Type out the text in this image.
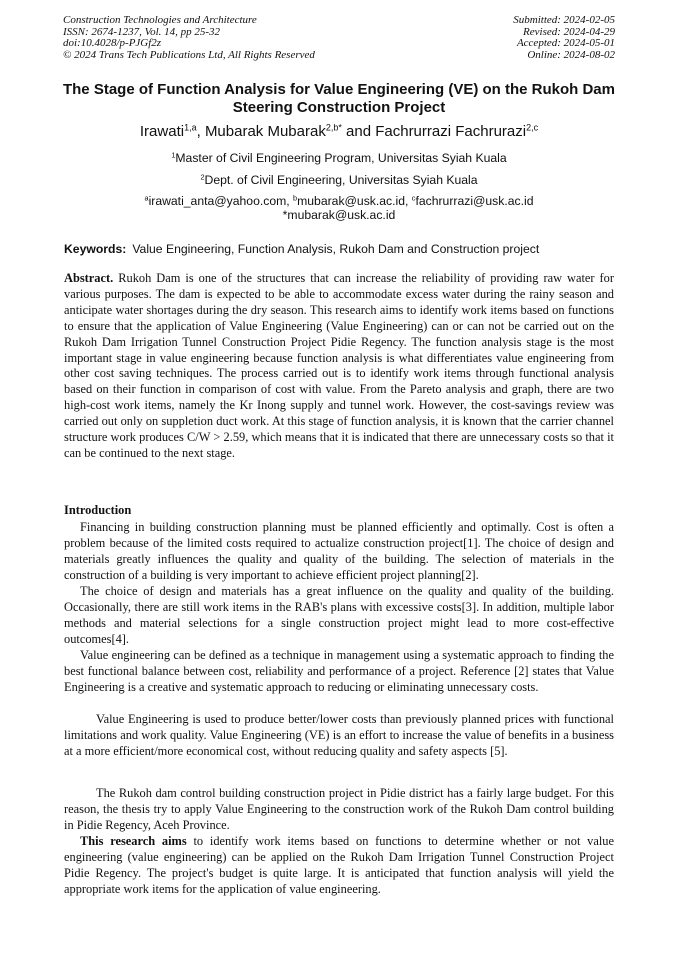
Construction Technologies and Architecture
ISSN: 2674-1237, Vol. 14, pp 25-32
doi:10.4028/p-PJGf2z
© 2024 Trans Tech Publications Ltd, All Rights Reserved
Submitted: 2024-02-05
Revised: 2024-04-29
Accepted: 2024-05-01
Online: 2024-08-02
The Stage of Function Analysis for Value Engineering (VE) on the Rukoh Dam Steering Construction Project
Irawati$^{1,a}$, Mubarak Mubarak$^{2,b*}$ and Fachrurrazi Fachrurazi$^{2,c}$
$^1$Master of Civil Engineering Program, Universitas Syiah Kuala
$^2$Dept. of Civil Engineering, Universitas Syiah Kuala
$^a$irawati_anta@yahoo.com, $^b$mubarak@usk.ac.id, $^c$fachrurrazi@usk.ac.id
*mubarak@usk.ac.id
Keywords: Value Engineering, Function Analysis, Rukoh Dam and Construction project

Abstract. Rukoh Dam is one of the structures that can increase the reliability of providing raw water for various purposes. The dam is expected to be able to accommodate excess water during the rainy season and anticipate water shortages during the dry season. This research aims to identify work items based on functions to ensure that the application of Value Engineering (Value Engineering) can or can not be carried out on the Rukoh Dam Irrigation Tunnel Construction Project Pidie Regency. The function analysis stage is the most important stage in value engineering because function analysis is what differentiates value engineering from other cost saving techniques. The process carried out is to identify work items through functional analysis based on their function in comparison of cost with value. From the Pareto analysis and graph, there are two high-cost work items, namely the Kr Inong supply and tunnel work. However, the cost-savings review was carried out only on suppletion duct work. At this stage of function analysis, it is known that the carrier channel structure work produces C/W > 2.59, which means that it is indicated that there are unnecessary costs so that it can be continued to the next stage.

Introduction

Financing in building construction planning must be planned efficiently and optimally. Cost is often a problem because of the limited costs required to actualize construction project[1]. The choice of design and materials greatly influences the quality and quality of the building. The selection of materials in the construction of a building is very important to achieve efficient project planning[2].

The choice of design and materials has a great influence on the quality and quality of the building. Occasionally, there are still work items in the RAB's plans with excessive costs[3]. In addition, multiple labor methods and material selections for a single construction project might lead to more cost-effective outcomes[4].

Value engineering can be defined as a technique in management using a systematic approach to finding the best functional balance between cost, reliability and performance of a project. Reference [2] states that Value Engineering is a creative and systematic approach to reducing or eliminating unnecessary costs.

Value Engineering is used to produce better/lower costs than previously planned prices with functional limitations and work quality. Value Engineering (VE) is an effort to increase the value of benefits in a business at a more efficient/more economical cost, without reducing quality and safety aspects [5].

The Rukoh dam control building construction project in Pidie district has a fairly large budget. For this reason, the thesis try to apply Value Engineering to the construction work of the Rukoh Dam control building in Pidie Regency, Aceh Province.

This research aims to identify work items based on functions to determine whether or not value engineering (value engineering) can be applied on the Rukoh Dam Irrigation Tunnel Construction Project Pidie Regency. The project's budget is quite large. It is anticipated that function analysis will yield the appropriate work items for the application of value engineering.
